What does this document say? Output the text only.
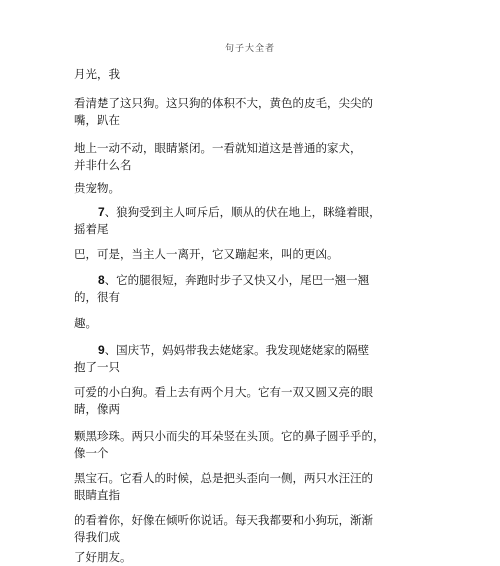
句子大全者
月光，我
看清楚了这只狗。这只狗的体积不大，黄色的皮毛，尖尖的
嘴，趴在
地上一动不动，眼睛紧闭。一看就知道这是普通的家犬，
并非什么名
贵宠物。
7、狼狗受到主人呵斥后，顺从的伏在地上，眯缝着眼，
摇着尾
巴，可是，当主人一离开，它又蹦起来，叫的更凶。
8、它的腿很短，奔跑时步子又快又小，尾巴一翘一翘
的，很有
趣。
9、国庆节，妈妈带我去姥姥家。我发现姥姥家的隔壁
抱了一只
可爱的小白狗。看上去有两个月大。它有一双又圆又亮的眼
睛，像两
颗黑珍珠。两只小而尖的耳朵竖在头顶。它的鼻子圆乎乎的，
像一个
黑宝石。它看人的时候，总是把头歪向一侧，两只水汪汪的
眼睛直指
的看着你，好像在倾听你说话。每天我都要和小狗玩，渐渐
得我们成
了好朋友。
